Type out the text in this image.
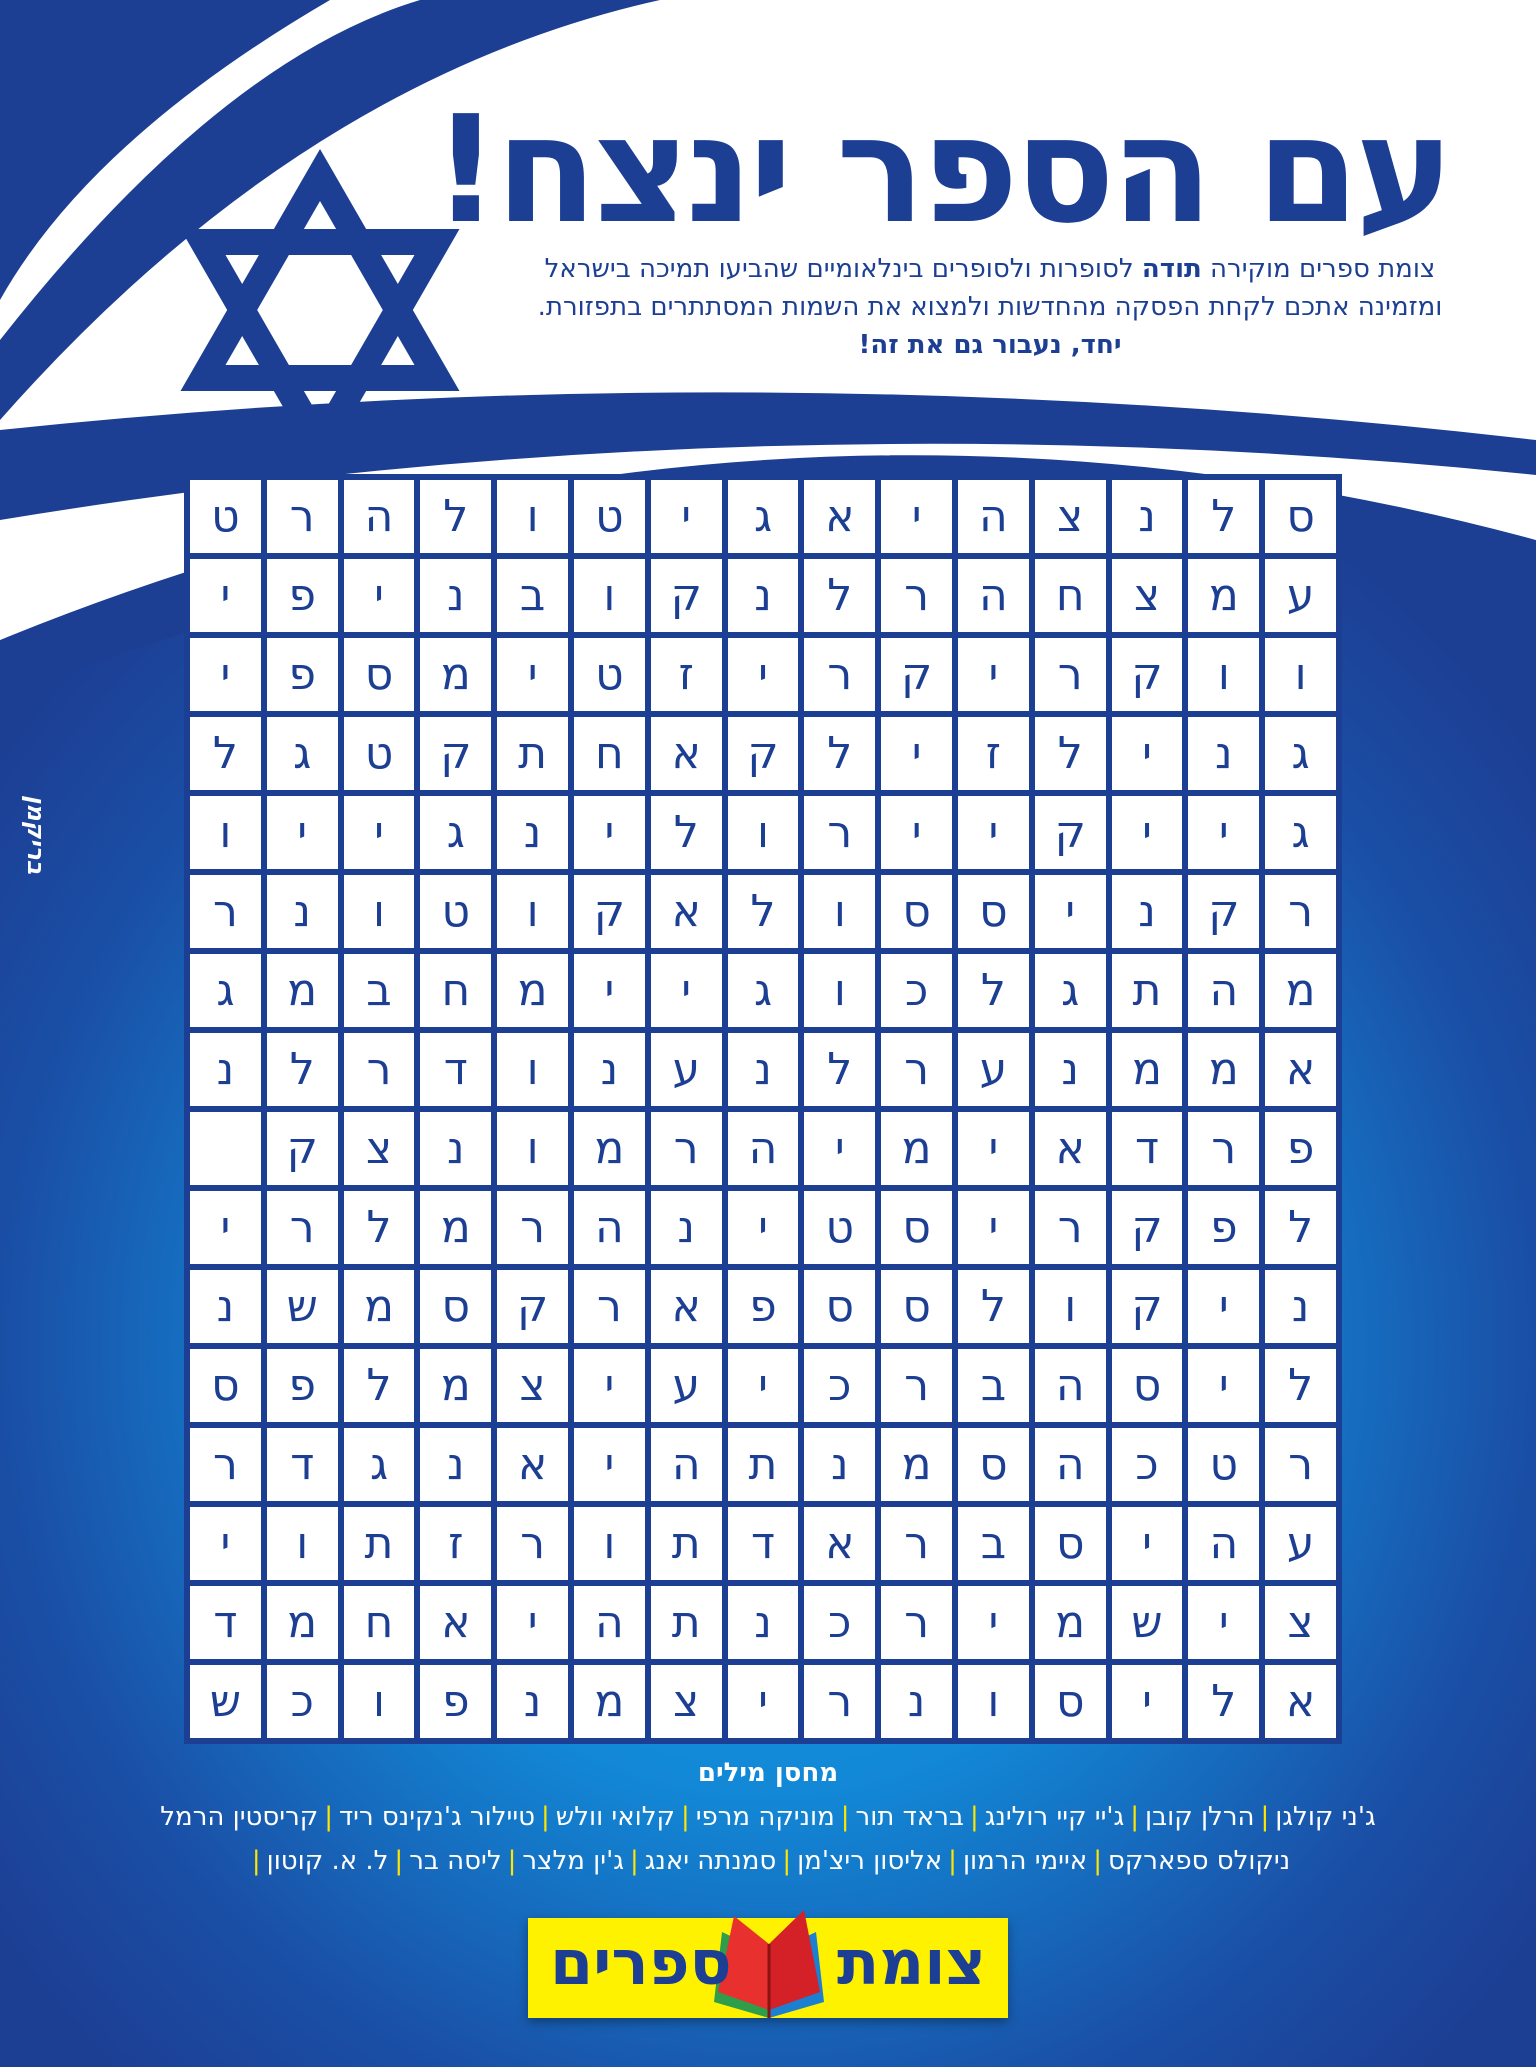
עם הספר ינצח!
צומת ספרים מוקירה תודה לסופרות ולסופרים בינלאומיים שהביעו תמיכה בישראל ומזמינה אתכם לקחת הפסקה מהחדשות ולמצוא את השמות המסתתרים בתפזורת.
יחד, נעבור גם את זה!
בריקמן
ס
ל
נ
צ
ה
י
א
ג
י
ט
ו
ל
ה
ר
ט
ע
מ
צ
ח
ה
ר
ל
נ
ק
ו
ב
נ
י
פ
י
ו
ו
ק
ר
י
ק
ר
י
ז
ט
י
מ
ס
פ
י
ג
נ
י
ל
ז
י
ל
ק
א
ח
ת
ק
ט
ג
ל
ג
י
י
ק
י
י
ר
ו
ל
י
נ
ג
י
י
ו
ר
ק
נ
י
ס
ס
ו
ל
א
ק
ו
ט
ו
נ
ר
מ
ה
ת
ג
ל
כ
ו
ג
י
י
מ
ח
ב
מ
ג
א
מ
מ
נ
ע
ר
ל
נ
ע
נ
ו
ד
ר
ל
נ
פ
ר
ד
א
י
מ
י
ה
ר
מ
ו
נ
צ
ק
ל
פ
ק
ר
י
ס
ט
י
נ
ה
ר
מ
ל
ר
י
נ
י
ק
ו
ל
ס
ס
פ
א
ר
ק
ס
מ
ש
נ
ל
י
ס
ה
ב
ר
כ
י
ע
י
צ
מ
ל
פ
ס
ר
ט
כ
ה
ס
מ
נ
ת
ה
י
א
נ
ג
ד
ר
ע
ה
י
ס
ב
ר
א
ד
ת
ו
ר
ז
ת
ו
י
צ
י
ש
מ
י
ר
כ
נ
ת
ה
י
א
ח
מ
ד
א
ל
י
ס
ו
נ
ר
י
צ
מ
נ
פ
ו
כ
ש
מחסן מילים
ג'ני קולגן|הרלן קובן|ג'יי קיי רולינג|בראד תור|מוניקה מרפי|קלואי וולש|טיילור ג'נקינס ריד|קריסטין הרמל
ניקולס ספארקס|איימי הרמון|אליסון ריצ'מן|סמנתה יאנג|ג'ין מלצר|ליסה בר|ל. א. קוטון|
צומת
ספרים
